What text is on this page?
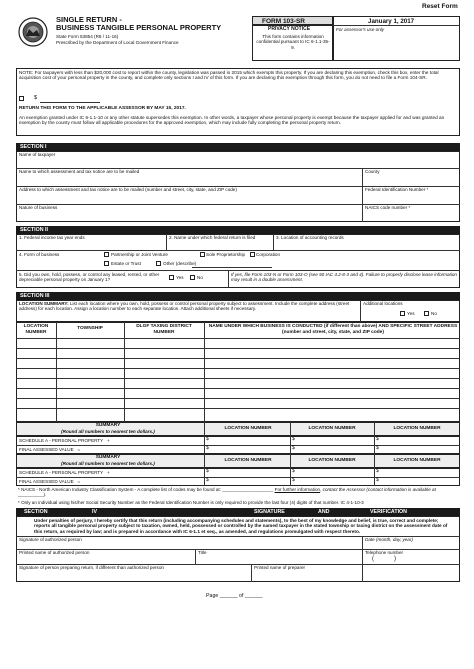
Reset Form
SINGLE RETURN -
BUSINESS TANGIBLE PERSONAL PROPERTY
State Form 53854 (R8 / 11-16)
Prescribed by the Department of Local Government Finance
FORM 103-SR
PRIVACY NOTICE
This form contains information confidential pursuant to IC 6-1.1-35-9.
January 1, 2017
For assessor's use only
NOTE: For taxpayers with less than $20,000 cost to report within the county, legislation was passed in 2015 which exempts this property. If you are declaring this exemption, check this box, enter the total acquisition cost of your personal property in the county, and complete only sections I and IV of this form. If you are declaring this exemption through this form, you do not need to file a Form 104-SR.
$
RETURN THIS FORM TO THE APPLICABLE ASSESSOR BY MAY 15, 2017.
An exemption granted under IC 6-1.1-10 or any other statute supersedes this exemption. In other words, a taxpayer whose personal property is exempt because the taxpayer applied for and was granted an exemption by the county must follow all applicable procedures for the approved exemption, which may include fully completing the personal property return.
SECTION I
Name of taxpayer
Name to which assessment and tax notice are to be mailed	County
Address to which assessment and tax notice are to be mailed (number and street, city, state, and ZIP code)	Federal Identification Number *
Nature of business	NAICS code number *
SECTION II
1. Federal income tax year ends	2. Name under which federal return is filed	3. Location of accounting records
4. Form of business	Partnership or Joint Venture	Sole Proprietorship Corporation
Estate or Trust	Other (describe)
5. Did you own, hold, possess, or control any leased, rented, or other depreciable personal property on January 1?	Yes	No
If yes, file Form 103-N or Form 103-O (see 50 IAC 4.2-8-3 and 4). Failure to properly disclose lease information may result in a double assessment.
SECTION III
LOCATION SUMMARY: List each location where you own, hold, possess or control personal property subject to assessment. Include the complete address (street address) for each location. Assign a location number to each separate location. Attach additional sheets if necessary.
Additional locations
Yes	No
LOCATION NUMBER
TOWNSHIP	DLGF TAXING DISTRICT NUMBER
NAME UNDER WHICH BUSINESS IS CONDUCTED (if different than above) AND SPECIFIC STREET ADDRESS (number and street, city, state, and ZIP code)
SUMMARY
(Round all numbers to nearest ten dollars.)
LOCATION NUMBER	LOCATION NUMBER	LOCATION NUMBER
SCHEDULE A - PERSONAL PROPERTY   +
FINAL ASSESSED VALUE   =
$	$	$
$	$	$
SUMMARY
(Round all numbers to nearest ten dollars.)
LOCATION NUMBER	LOCATION NUMBER	LOCATION NUMBER
SCHEDULE A - PERSONAL PROPERTY   +
FINAL ASSESSED VALUE   =
$	$	$
$	$	$
* NAICS - North American Industry Classification System - A complete list of codes may be found at: ____________________ For further information, contact the Assessor (contact information is available at __________).
* Only an individual using his/her Social Security Number as the Federal Identification Number is only required to provide the last four (4) digits of that number. IC 4-1-10-3
SECTION	IV	SIGNATURE	AND	VERIFICATION
Under penalties of perjury, I hereby certify that this return (including accompanying schedules and statements), to the best of my knowledge and belief, is true, correct and complete; reports all tangible personal property subject to taxation, owned, held, possessed or controlled by the named taxpayer in the stated township or taxing district on the assessment date of this return, as required by law; and is prepared in accordance with IC 6-1.1 et seq., as amended, and regulations promulgated with respect thereto.
Signature of authorized person	Date (month, day, year)
Printed name of authorized person	Title	Telephone number
(	)
Signature of person preparing return, if different than authorized person	Printed name of preparer
Page ______ of ______
